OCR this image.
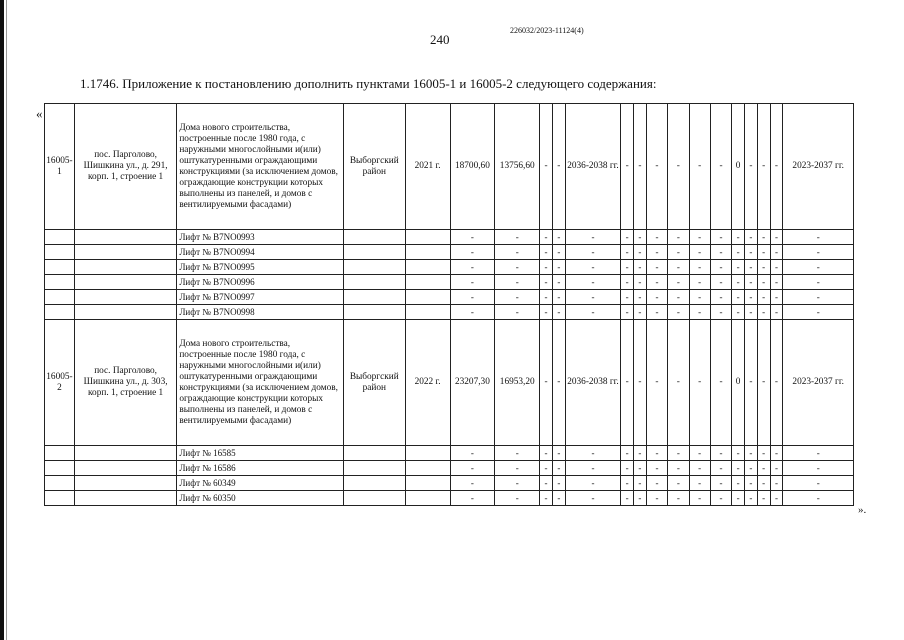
226032/2023-11124(4)
240
1.1746. Приложение к постановлению дополнить пунктами 16005-1 и 16005-2 следующего содержания:
«
».
16005-1	пос. Парголово, Шишкина ул., д. 291, корп. 1, строение 1	Дома нового строительства, построенные после 1980 года, с наружными многослойными и(или) оштукатуренными ограждающими конструкциями (за исключением домов, ограждающие конструкции которых выполнены из панелей, и домов с вентилируемыми фасадами)	Выборгский район	2021 г.	18700,60	13756,60	-	-	2036-2038 гг.	-	-	-	-	-	-	0	-	-	-	2023-2037 гг.
		Лифт № B7NO0993			-	-	-	-	-	-	-	-	-	-	-	-	-	-	-	-
		Лифт № B7NO0994			-	-	-	-	-	-	-	-	-	-	-	-	-	-	-	-
		Лифт № B7NO0995			-	-	-	-	-	-	-	-	-	-	-	-	-	-	-	-
		Лифт № B7NO0996			-	-	-	-	-	-	-	-	-	-	-	-	-	-	-	-
		Лифт № B7NO0997			-	-	-	-	-	-	-	-	-	-	-	-	-	-	-	-
		Лифт № B7NO0998			-	-	-	-	-	-	-	-	-	-	-	-	-	-	-	-
16005-2	пос. Парголово, Шишкина ул., д. 303, корп. 1, строение 1	Дома нового строительства, построенные после 1980 года, с наружными многослойными и(или) оштукатуренными ограждающими конструкциями (за исключением домов, ограждающие конструкции которых выполнены из панелей, и домов с вентилируемыми фасадами)	Выборгский район	2022 г.	23207,30	16953,20	-	-	2036-2038 гг.	-	-	-	-	-	-	0	-	-	-	2023-2037 гг.
		Лифт № 16585			-	-	-	-	-	-	-	-	-	-	-	-	-	-	-	-
		Лифт № 16586			-	-	-	-	-	-	-	-	-	-	-	-	-	-	-	-
		Лифт № 60349			-	-	-	-	-	-	-	-	-	-	-	-	-	-	-	-
		Лифт № 60350			-	-	-	-	-	-	-	-	-	-	-	-	-	-	-	-
